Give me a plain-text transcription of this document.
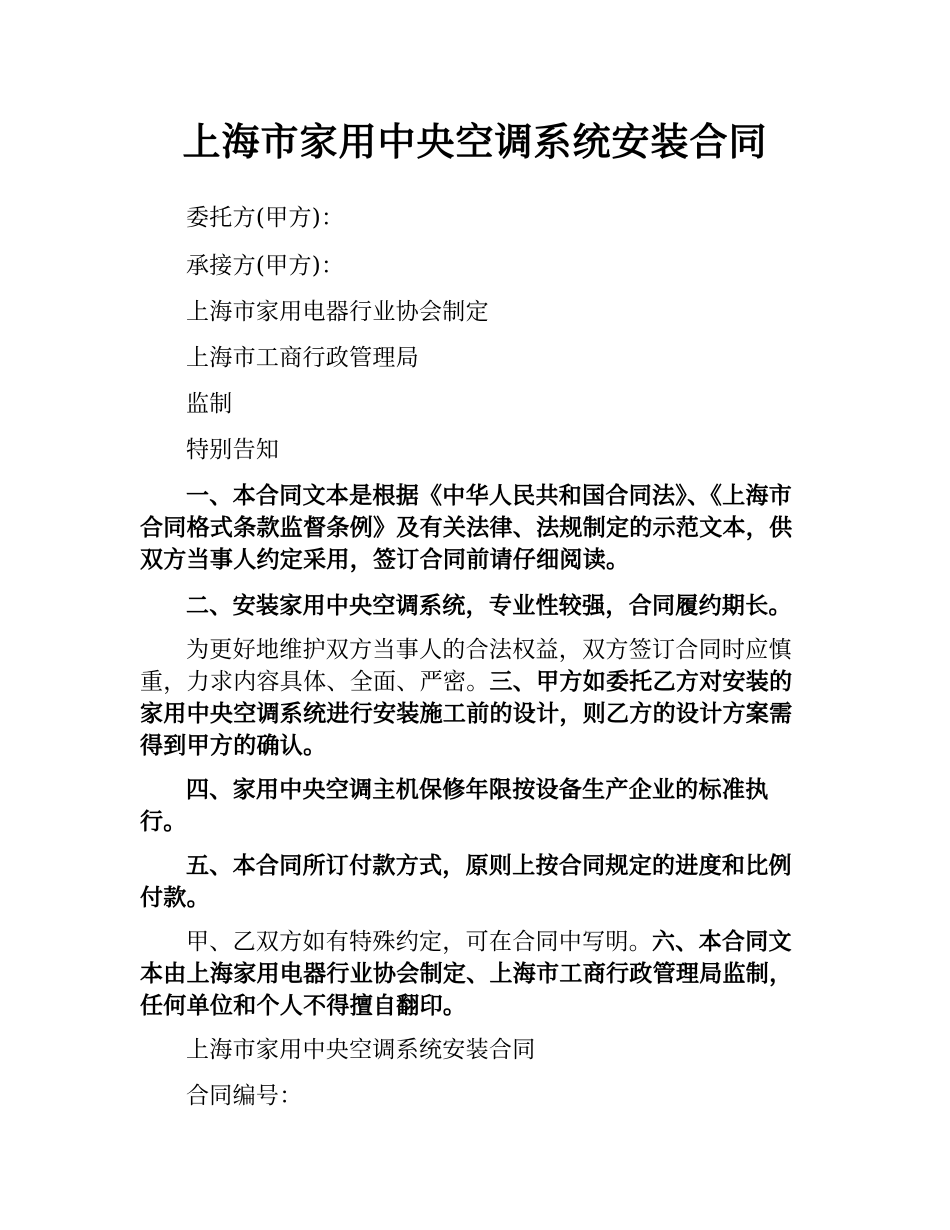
上海市家用中央空调系统安装合同

委托方(甲方)：

承接方(甲方)：

上海市家用电器行业协会制定

上海市工商行政管理局

监制

特别告知

一、本合同文本是根据《中华人民共和国合同法》、《上海市合同格式条款监督条例》及有关法律、法规制定的示范文本，供双方当事人约定采用，签订合同前请仔细阅读。

二、安装家用中央空调系统，专业性较强，合同履约期长。

为更好地维护双方当事人的合法权益，双方签订合同时应慎重，力求内容具体、全面、严密。三、甲方如委托乙方对安装的家用中央空调系统进行安装施工前的设计，则乙方的设计方案需得到甲方的确认。

四、家用中央空调主机保修年限按设备生产企业的标准执行。

五、本合同所订付款方式，原则上按合同规定的进度和比例付款。

甲、乙双方如有特殊约定，可在合同中写明。六、本合同文本由上海家用电器行业协会制定、上海市工商行政管理局监制，任何单位和个人不得擅自翻印。

上海市家用中央空调系统安装合同

合同编号：
